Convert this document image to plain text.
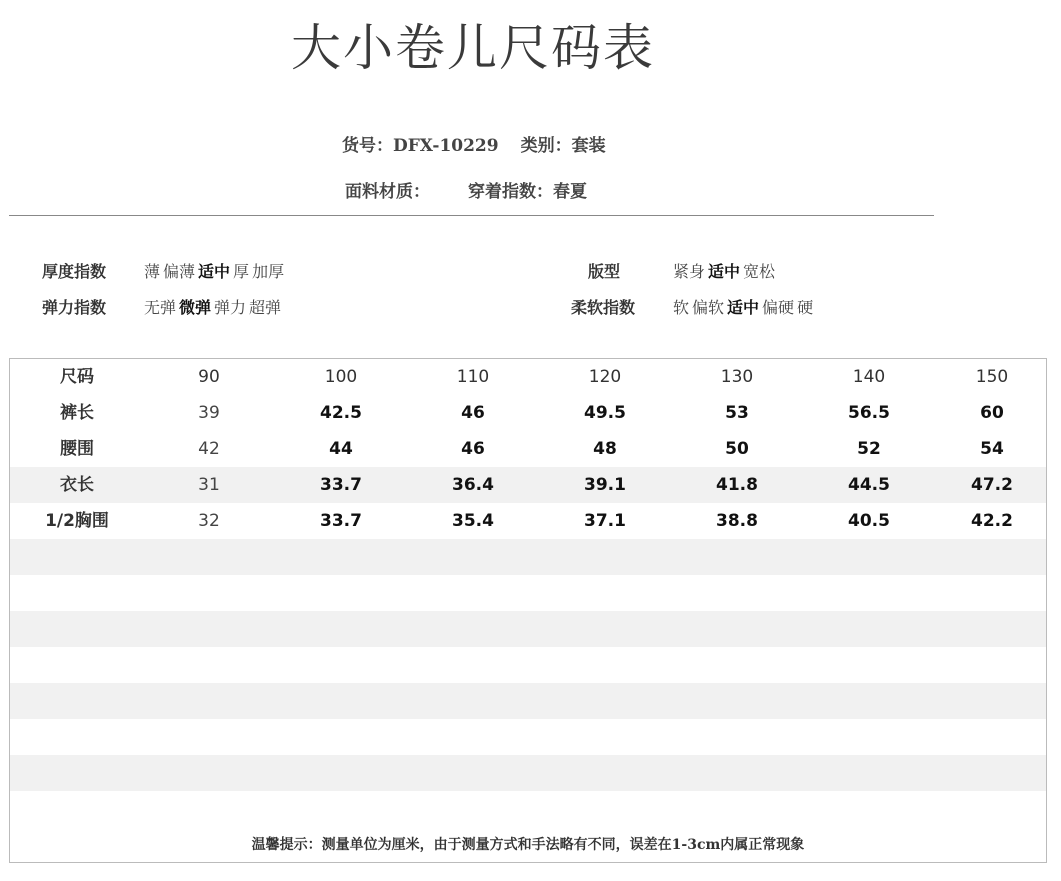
大小卷儿尺码表
货号：DFX-10229 类别：套装
面料材质： 穿着指数：春夏
厚度指数 薄 偏薄 适中 厚 加厚
弹力指数 无弹 微弹 弹力 超弹
版型	紧身 适中 宽松
柔软指数 软 偏软 适中 偏硬 硬
尺码	90	100	110	120	130	140	150
裤长	39	42.5	46	49.5	53	56.5	60
腰围	42	44	46	48	50	52	54
衣长	31	33.7	36.4	39.1	41.8	44.5	47.2
1/2胸围	32	33.7	35.4	37.1	38.8	40.5	42.2
温馨提示：测量单位为厘米，由于测量方式和手法略有不同，误差在1-3cm内属正常现象
